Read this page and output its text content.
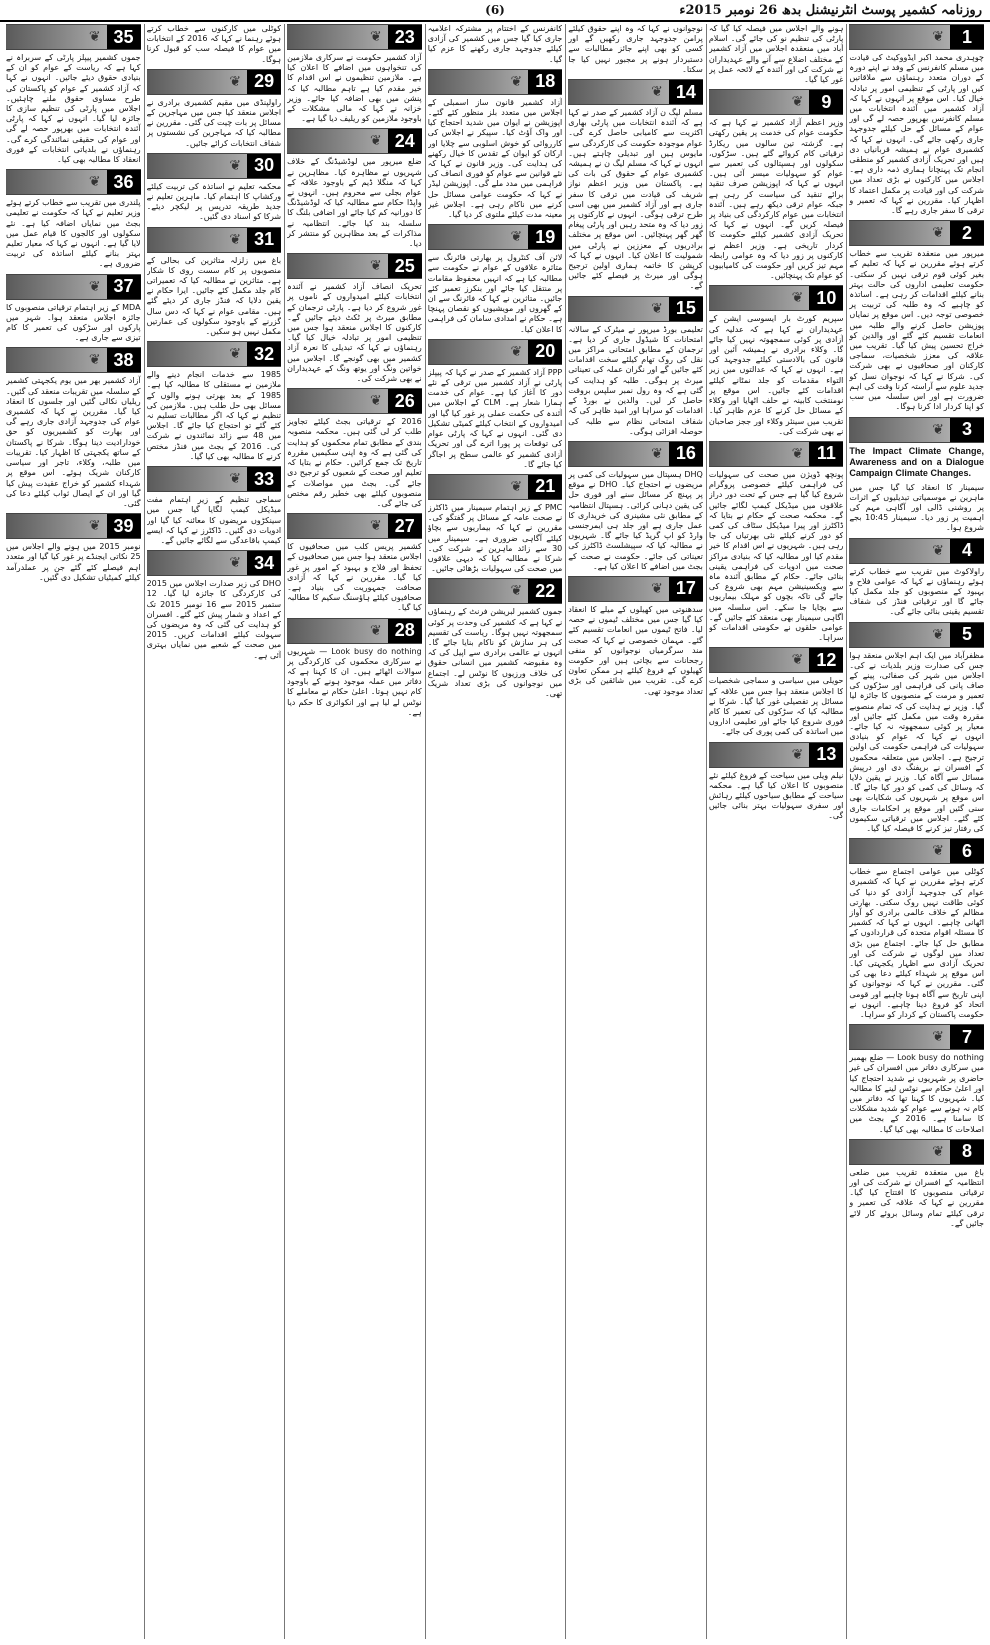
(6)	روزنامہ کشمیر پوسٹ انٹرنیشنل بدھ 26 نومبر 2015ء
1
❦
چوہدری محمد اکبر ایڈووکیٹ کی قیادت میں مسلم کانفرنس کے وفد نے اپنے دورہ کے دوران متعدد رہنماؤں سے ملاقاتیں کیں اور پارٹی کے تنظیمی امور پر تبادلہ خیال کیا۔ اس موقع پر انہوں نے کہا کہ آزاد کشمیر میں آئندہ انتخابات میں مسلم کانفرنس بھرپور حصہ لے گی اور عوام کے مسائل کے حل کیلئے جدوجہد جاری رکھی جائے گی۔ انہوں نے کہا کہ کشمیری عوام نے ہمیشہ قربانیاں دی ہیں اور تحریک آزادی کشمیر کو منطقی انجام تک پہنچانا ہماری ذمہ داری ہے۔ اجلاس میں کارکنوں نے بڑی تعداد میں شرکت کی اور قیادت پر مکمل اعتماد کا اظہار کیا۔ مقررین نے کہا کہ تعمیر و ترقی کا سفر جاری رہے گا۔
2
❦
میرپور میں منعقدہ تقریب سے خطاب کرتے ہوئے مقررین نے کہا کہ تعلیم کے بغیر کوئی قوم ترقی نہیں کر سکتی۔ حکومت تعلیمی اداروں کی حالت بہتر بنانے کیلئے اقدامات کر رہی ہے۔ اساتذہ کو چاہیے کہ وہ طلبہ کی تربیت پر خصوصی توجہ دیں۔ اس موقع پر نمایاں پوزیشن حاصل کرنے والے طلبہ میں انعامات تقسیم کئے گئے اور والدین کو خراج تحسین پیش کیا گیا۔ تقریب میں علاقہ کی معزز شخصیات، سماجی کارکنان اور صحافیوں نے بھی شرکت کی۔ شرکا نے کہا کہ نوجوان نسل کو جدید علوم سے آراستہ کرنا وقت کی اہم ضرورت ہے اور اس سلسلہ میں سب کو اپنا کردار ادا کرنا ہوگا۔
3
❦
The Impact Climate Change, Awareness and on a Dialogue Campaign Climate Changes.
سیمینار کا انعقاد کیا گیا جس میں ماہرین نے موسمیاتی تبدیلیوں کے اثرات پر روشنی ڈالی اور آگاہی مہم کی اہمیت پر زور دیا۔ سیمینار 10:45 بجے شروع ہوا۔
4
❦
راولاکوٹ میں تقریب سے خطاب کرتے ہوئے رہنماؤں نے کہا کہ عوامی فلاح و بہبود کے منصوبوں کو جلد مکمل کیا جائے گا اور ترقیاتی فنڈز کی شفاف تقسیم یقینی بنائی جائے گی۔
5
❦
مظفرآباد میں ایک اہم اجلاس منعقد ہوا جس کی صدارت وزیر بلدیات نے کی۔ اجلاس میں شہر کی صفائی، پینے کے صاف پانی کی فراہمی اور سڑکوں کی تعمیر و مرمت کے منصوبوں کا جائزہ لیا گیا۔ وزیر نے ہدایت کی کہ تمام منصوبے مقررہ وقت میں مکمل کئے جائیں اور معیار پر کوئی سمجھوتہ نہ کیا جائے۔ انہوں نے کہا کہ عوام کو بنیادی سہولیات کی فراہمی حکومت کی اولین ترجیح ہے۔ اجلاس میں متعلقہ محکموں کے افسران نے بریفنگ دی اور درپیش مسائل سے آگاہ کیا۔ وزیر نے یقین دلایا کہ وسائل کی کمی کو دور کیا جائے گا۔ اس موقع پر شہریوں کی شکایات بھی سنی گئیں اور موقع پر احکامات جاری کئے گئے۔ اجلاس میں ترقیاتی سکیموں کی رفتار تیز کرنے کا فیصلہ کیا گیا۔
6
❦
کوٹلی میں عوامی اجتماع سے خطاب کرتے ہوئے مقررین نے کہا کہ کشمیری عوام کی جدوجہد آزادی کو دنیا کی کوئی طاقت نہیں روک سکتی۔ بھارتی مظالم کے خلاف عالمی برادری کو آواز اٹھانی چاہیے۔ انہوں نے کہا کہ کشمیر کا مسئلہ اقوام متحدہ کی قراردادوں کے مطابق حل کیا جائے۔ اجتماع میں بڑی تعداد میں لوگوں نے شرکت کی اور تحریک آزادی سے اظہار یکجہتی کیا۔ اس موقع پر شہداء کیلئے دعا بھی کی گئی۔ مقررین نے کہا کہ نوجوانوں کو اپنی تاریخ سے آگاہ ہونا چاہیے اور قومی اتحاد کو فروغ دینا چاہیے۔ انہوں نے حکومت پاکستان کے کردار کو سراہا۔
7
❦
Look busy do nothing — ضلع بھمبر میں سرکاری دفاتر میں افسران کی غیر حاضری پر شہریوں نے شدید احتجاج کیا اور اعلیٰ حکام سے نوٹس لینے کا مطالبہ کیا۔ شہریوں کا کہنا تھا کہ دفاتر میں کام نہ ہونے سے عوام کو شدید مشکلات کا سامنا ہے۔ 2016 کے بجٹ میں اصلاحات کا مطالبہ بھی کیا گیا۔
8
❦
باغ میں منعقدہ تقریب میں ضلعی انتظامیہ کے افسران نے شرکت کی اور ترقیاتی منصوبوں کا افتتاح کیا گیا۔ مقررین نے کہا کہ علاقہ کی تعمیر و ترقی کیلئے تمام وسائل بروئے کار لائے جائیں گے۔
ہونے والے اجلاس میں فیصلہ کیا گیا کہ پارٹی کی تنظیم نو کی جائے گی۔ اسلام آباد میں منعقدہ اجلاس میں آزاد کشمیر کے مختلف اضلاع سے آنے والے عہدیداران نے شرکت کی اور آئندہ کے لائحہ عمل پر غور کیا گیا۔
9
❦
وزیر اعظم آزاد کشمیر نے کہا ہے کہ حکومت عوام کی خدمت پر یقین رکھتی ہے۔ گزشتہ تین سالوں میں ریکارڈ ترقیاتی کام کروائے گئے ہیں۔ سڑکوں، سکولوں اور ہسپتالوں کی تعمیر سے عوام کو سہولیات میسر آئی ہیں۔ انہوں نے کہا کہ اپوزیشن صرف تنقید برائے تنقید کی سیاست کر رہی ہے جبکہ عوام ترقی دیکھ رہے ہیں۔ آئندہ انتخابات میں عوام کارکردگی کی بنیاد پر فیصلہ کریں گے۔ انہوں نے کہا کہ تحریک آزادی کشمیر کیلئے حکومت کا کردار تاریخی ہے۔ وزیر اعظم نے کارکنوں پر زور دیا کہ وہ عوامی رابطہ مہم تیز کریں اور حکومت کی کامیابیوں کو عوام تک پہنچائیں۔
10
❦
سپریم کورٹ بار ایسوسی ایشن کے عہدیداران نے کہا ہے کہ عدلیہ کی آزادی پر کوئی سمجھوتہ نہیں کیا جائے گا۔ وکلاء برادری نے ہمیشہ آئین اور قانون کی بالادستی کیلئے جدوجہد کی ہے۔ انہوں نے کہا کہ عدالتوں میں زیر التواء مقدمات کو جلد نمٹانے کیلئے اقدامات کئے جائیں۔ اس موقع پر نومنتخب کابینہ نے حلف اٹھایا اور وکلاء کے مسائل حل کرنے کا عزم ظاہر کیا۔ تقریب میں سینئر وکلاء اور ججز صاحبان نے بھی شرکت کی۔
11
❦
پونچھ ڈویژن میں صحت کی سہولیات کی فراہمی کیلئے خصوصی پروگرام شروع کیا گیا ہے جس کے تحت دور دراز علاقوں میں میڈیکل کیمپ لگائے جائیں گے۔ محکمہ صحت کے حکام نے بتایا کہ ڈاکٹرز اور پیرا میڈیکل سٹاف کی کمی کو دور کرنے کیلئے نئی بھرتیاں کی جا رہی ہیں۔ شہریوں نے اس اقدام کا خیر مقدم کیا اور مطالبہ کیا کہ بنیادی مراکز صحت میں ادویات کی فراہمی یقینی بنائی جائے۔ حکام کے مطابق آئندہ ماہ سے ویکسینیشن مہم بھی شروع کی جائے گی تاکہ بچوں کو مہلک بیماریوں سے بچایا جا سکے۔ اس سلسلہ میں آگاہی سیمینار بھی منعقد کئے جائیں گے۔ عوامی حلقوں نے حکومتی اقدامات کو سراہا۔
12
❦
حویلی میں سیاسی و سماجی شخصیات کا اجلاس منعقد ہوا جس میں علاقہ کے مسائل پر تفصیلی غور کیا گیا۔ شرکا نے مطالبہ کیا کہ سڑکوں کی تعمیر کا کام فوری شروع کیا جائے اور تعلیمی اداروں میں اساتذہ کی کمی پوری کی جائے۔
13
❦
نیلم ویلی میں سیاحت کے فروغ کیلئے نئے منصوبوں کا اعلان کیا گیا ہے۔ محکمہ سیاحت کے مطابق سیاحوں کیلئے رہائش اور سفری سہولیات بہتر بنائی جائیں گی۔
نوجوانوں نے کہا کہ وہ اپنے حقوق کیلئے پرامن جدوجہد جاری رکھیں گے اور کسی کو بھی اپنے جائز مطالبات سے دستبردار ہونے پر مجبور نہیں کیا جا سکتا۔
14
❦
مسلم لیگ ن آزاد کشمیر کے صدر نے کہا ہے کہ آئندہ انتخابات میں پارٹی بھاری اکثریت سے کامیابی حاصل کرے گی۔ عوام موجودہ حکومت کی کارکردگی سے مایوس ہیں اور تبدیلی چاہتے ہیں۔ انہوں نے کہا کہ مسلم لیگ ن نے ہمیشہ کشمیری عوام کے حقوق کی بات کی ہے۔ پاکستان میں وزیر اعظم نواز شریف کی قیادت میں ترقی کا سفر جاری ہے اور آزاد کشمیر میں بھی اسی طرح ترقی ہوگی۔ انہوں نے کارکنوں پر زور دیا کہ وہ متحد رہیں اور پارٹی پیغام گھر گھر پہنچائیں۔ اس موقع پر مختلف برادریوں کے معززین نے پارٹی میں شمولیت کا اعلان کیا۔ انہوں نے کہا کہ کرپشن کا خاتمہ ہماری اولین ترجیح ہوگی اور میرٹ پر فیصلے کئے جائیں گے۔
15
❦
تعلیمی بورڈ میرپور نے میٹرک کے سالانہ امتحانات کا شیڈول جاری کر دیا ہے۔ ترجمان کے مطابق امتحانی مراکز میں نقل کی روک تھام کیلئے سخت اقدامات کئے جائیں گے اور نگران عملہ کی تعیناتی میرٹ پر ہوگی۔ طلبہ کو ہدایت کی گئی ہے کہ وہ رول نمبر سلپس بروقت حاصل کر لیں۔ والدین نے بورڈ کے اقدامات کو سراہا اور امید ظاہر کی کہ شفاف امتحانی نظام سے طلبہ کی حوصلہ افزائی ہوگی۔
16
❦
DHQ ہسپتال میں سہولیات کی کمی پر مریضوں نے احتجاج کیا۔ DHO نے موقع پر پہنچ کر مسائل سنے اور فوری حل کی یقین دہانی کرائی۔ ہسپتال انتظامیہ کے مطابق نئی مشینری کی خریداری کا عمل جاری ہے اور جلد ہی ایمرجنسی وارڈ کو اپ گریڈ کیا جائے گا۔ شہریوں نے مطالبہ کیا کہ سپیشلسٹ ڈاکٹرز کی تعیناتی کی جائے۔ حکومت نے صحت کے بجٹ میں اضافے کا اعلان کیا ہے۔
17
❦
سدھنوتی میں کھیلوں کے میلے کا انعقاد کیا گیا جس میں مختلف ٹیموں نے حصہ لیا۔ فاتح ٹیموں میں انعامات تقسیم کئے گئے۔ مہمان خصوصی نے کہا کہ صحت مند سرگرمیاں نوجوانوں کو منفی رجحانات سے بچاتی ہیں اور حکومت کھیلوں کے فروغ کیلئے ہر ممکن تعاون کرے گی۔ تقریب میں شائقین کی بڑی تعداد موجود تھی۔
کانفرنس کے اختتام پر مشترکہ اعلامیہ جاری کیا گیا جس میں کشمیر کی آزادی کیلئے جدوجہد جاری رکھنے کا عزم کیا گیا۔
18
❦
آزاد کشمیر قانون ساز اسمبلی کے اجلاس میں متعدد بلز منظور کئے گئے۔ اپوزیشن نے ایوان میں شدید احتجاج کیا اور واک آؤٹ کیا۔ سپیکر نے اجلاس کی کارروائی کو خوش اسلوبی سے چلایا اور ارکان کو ایوان کے تقدس کا خیال رکھنے کی ہدایت کی۔ وزیر قانون نے کہا کہ نئے قوانین سے عوام کو فوری انصاف کی فراہمی میں مدد ملے گی۔ اپوزیشن لیڈر نے کہا کہ حکومت عوامی مسائل حل کرنے میں ناکام رہی ہے۔ اجلاس غیر معینہ مدت کیلئے ملتوی کر دیا گیا۔
19
❦
لائن آف کنٹرول پر بھارتی فائرنگ سے متاثرہ علاقوں کے عوام نے حکومت سے مطالبہ کیا ہے کہ انہیں محفوظ مقامات پر منتقل کیا جائے اور بنکرز تعمیر کئے جائیں۔ متاثرین نے کہا کہ فائرنگ سے ان کے گھروں اور مویشیوں کو نقصان پہنچا ہے۔ حکام نے امدادی سامان کی فراہمی کا اعلان کیا۔
20
❦
PPP آزاد کشمیر کے صدر نے کہا کہ پیپلز پارٹی نے آزاد کشمیر میں ترقی کے نئے دور کا آغاز کیا ہے۔ عوام کی خدمت ہمارا شعار ہے۔ CLM کے اجلاس میں آئندہ کی حکمت عملی پر غور کیا گیا اور امیدواروں کے انتخاب کیلئے کمیٹی تشکیل دی گئی۔ انہوں نے کہا کہ پارٹی عوام کی توقعات پر پورا اترے گی اور تحریک آزادی کشمیر کو عالمی سطح پر اجاگر کیا جائے گا۔
21
❦
PMC کے زیر اہتمام سیمینار میں ڈاکٹرز نے صحت عامہ کے مسائل پر گفتگو کی۔ مقررین نے کہا کہ بیماریوں سے بچاؤ کیلئے آگاہی ضروری ہے۔ سیمینار میں 30 سے زائد ماہرین نے شرکت کی۔ شرکا نے مطالبہ کیا کہ دیہی علاقوں میں صحت کی سہولیات بڑھائی جائیں۔
22
❦
جموں کشمیر لبریشن فرنٹ کے رہنماؤں نے کہا ہے کہ کشمیر کی وحدت پر کوئی سمجھوتہ نہیں ہوگا۔ ریاست کی تقسیم کی ہر سازش کو ناکام بنایا جائے گا۔ انہوں نے عالمی برادری سے اپیل کی کہ وہ مقبوضہ کشمیر میں انسانی حقوق کی خلاف ورزیوں کا نوٹس لے۔ اجتماع میں نوجوانوں کی بڑی تعداد شریک تھی۔
23
❦
آزاد کشمیر حکومت نے سرکاری ملازمین کی تنخواہوں میں اضافے کا اعلان کیا ہے۔ ملازمین تنظیموں نے اس اقدام کا خیر مقدم کیا ہے تاہم مطالبہ کیا کہ پنشن میں بھی اضافہ کیا جائے۔ وزیر خزانہ نے کہا کہ مالی مشکلات کے باوجود ملازمین کو ریلیف دیا گیا ہے۔
24
❦
ضلع میرپور میں لوڈشیڈنگ کے خلاف شہریوں نے مظاہرہ کیا۔ مظاہرین نے کہا کہ منگلا ڈیم کے باوجود علاقہ کے عوام بجلی سے محروم ہیں۔ انہوں نے واپڈا حکام سے مطالبہ کیا کہ لوڈشیڈنگ کا دورانیہ کم کیا جائے اور اضافی بلنگ کا سلسلہ بند کیا جائے۔ انتظامیہ نے مذاکرات کے بعد مظاہرین کو منتشر کر دیا۔
25
❦
تحریک انصاف آزاد کشمیر نے آئندہ انتخابات کیلئے امیدواروں کے ناموں پر غور شروع کر دیا ہے۔ پارٹی ترجمان کے مطابق میرٹ پر ٹکٹ دیئے جائیں گے۔ کارکنوں کا اجلاس منعقد ہوا جس میں تنظیمی امور پر تبادلہ خیال کیا گیا۔ رہنماؤں نے کہا کہ تبدیلی کا نعرہ آزاد کشمیر میں بھی گونجے گا۔ اجلاس میں خواتین ونگ اور یوتھ ونگ کے عہدیداران نے بھی شرکت کی۔
26
❦
2016 کے ترقیاتی بجٹ کیلئے تجاویز طلب کر لی گئی ہیں۔ محکمہ منصوبہ بندی کے مطابق تمام محکموں کو ہدایت کی گئی ہے کہ وہ اپنی سکیمیں مقررہ تاریخ تک جمع کرائیں۔ حکام نے بتایا کہ تعلیم اور صحت کے شعبوں کو ترجیح دی جائے گی۔ بجٹ میں مواصلات کے منصوبوں کیلئے بھی خطیر رقم مختص کی جائے گی۔
27
❦
کشمیر پریس کلب میں صحافیوں کا اجلاس منعقد ہوا جس میں صحافیوں کے تحفظ اور فلاح و بہبود کے امور پر غور کیا گیا۔ مقررین نے کہا کہ آزادی صحافت جمہوریت کی بنیاد ہے۔ صحافیوں کیلئے ہاؤسنگ سکیم کا مطالبہ کیا گیا۔
28
❦
Look busy do nothing — شہریوں نے سرکاری محکموں کی کارکردگی پر سوالات اٹھائے ہیں۔ ان کا کہنا ہے کہ دفاتر میں عملہ موجود ہونے کے باوجود کام نہیں ہوتا۔ اعلیٰ حکام نے معاملے کا نوٹس لے لیا ہے اور انکوائری کا حکم دیا ہے۔
کوٹلی میں کارکنوں سے خطاب کرتے ہوئے رہنما نے کہا کہ 2016 کے انتخابات میں عوام کا فیصلہ سب کو قبول کرنا ہوگا۔
29
❦
راولپنڈی میں مقیم کشمیری برادری نے اجلاس منعقد کیا جس میں مہاجرین کے مسائل پر بات چیت کی گئی۔ مقررین نے مطالبہ کیا کہ مہاجرین کی نشستوں پر شفاف انتخابات کرائے جائیں۔
30
❦
محکمہ تعلیم نے اساتذہ کی تربیت کیلئے ورکشاپ کا اہتمام کیا۔ ماہرین تعلیم نے جدید طریقہ تدریس پر لیکچر دیئے۔ شرکا کو اسناد دی گئیں۔
31
❦
باغ میں زلزلہ متاثرین کی بحالی کے منصوبوں پر کام سست روی کا شکار ہے۔ متاثرین نے مطالبہ کیا کہ تعمیراتی کام جلد مکمل کئے جائیں۔ ایرا حکام نے یقین دلایا کہ فنڈز جاری کر دیئے گئے ہیں۔ مقامی عوام نے کہا کہ دس سال گزرنے کے باوجود سکولوں کی عمارتیں مکمل نہیں ہو سکیں۔
32
❦
1985 سے خدمات انجام دینے والے ملازمین نے مستقلی کا مطالبہ کیا ہے۔ 1985 کے بعد بھرتی ہونے والوں کے مسائل بھی حل طلب ہیں۔ ملازمین کی تنظیم نے کہا کہ اگر مطالبات تسلیم نہ کئے گئے تو احتجاج کیا جائے گا۔ اجلاس میں 48 سے زائد نمائندوں نے شرکت کی۔ 2016 کے بجٹ میں فنڈز مختص کرنے کا مطالبہ بھی کیا گیا۔
33
❦
سماجی تنظیم کے زیر اہتمام مفت میڈیکل کیمپ لگایا گیا جس میں سینکڑوں مریضوں کا معائنہ کیا گیا اور ادویات دی گئیں۔ ڈاکٹرز نے کہا کہ ایسے کیمپ باقاعدگی سے لگائے جائیں گے۔
34
❦
DHO کی زیر صدارت اجلاس میں 2015 کی کارکردگی کا جائزہ لیا گیا۔ 12 ستمبر 2015 سے 16 نومبر 2015 تک کے اعداد و شمار پیش کئے گئے۔ افسران کو ہدایت کی گئی کہ وہ مریضوں کی سہولت کیلئے اقدامات کریں۔ 2015 میں صحت کے شعبے میں نمایاں بہتری آئی ہے۔
35
❦
جموں کشمیر پیپلز پارٹی کے سربراہ نے کہا ہے کہ ریاست کے عوام کو ان کے بنیادی حقوق دیئے جائیں۔ انہوں نے کہا کہ آزاد کشمیر کے عوام کو پاکستان کی طرح مساوی حقوق ملنے چاہئیں۔ اجلاس میں پارٹی کی تنظیم سازی کا جائزہ لیا گیا۔ انہوں نے کہا کہ پارٹی آئندہ انتخابات میں بھرپور حصہ لے گی اور عوام کی حقیقی نمائندگی کرے گی۔ رہنماؤں نے بلدیاتی انتخابات کے فوری انعقاد کا مطالبہ بھی کیا۔
36
❦
پلندری میں تقریب سے خطاب کرتے ہوئے وزیر تعلیم نے کہا کہ حکومت نے تعلیمی بجٹ میں نمایاں اضافہ کیا ہے۔ نئے سکولوں اور کالجوں کا قیام عمل میں لایا گیا ہے۔ انہوں نے کہا کہ معیار تعلیم بہتر بنانے کیلئے اساتذہ کی تربیت ضروری ہے۔
37
❦
MDA کے زیر اہتمام ترقیاتی منصوبوں کا جائزہ اجلاس منعقد ہوا۔ شہر میں پارکوں اور سڑکوں کی تعمیر کا کام تیزی سے جاری ہے۔
38
❦
آزاد کشمیر بھر میں یوم یکجہتی کشمیر کے سلسلہ میں تقریبات منعقد کی گئیں۔ ریلیاں نکالی گئیں اور جلسوں کا انعقاد کیا گیا۔ مقررین نے کہا کہ کشمیری عوام کی جدوجہد آزادی جاری رہے گی اور بھارت کو کشمیریوں کو حق خودارادیت دینا ہوگا۔ شرکا نے پاکستان کے ساتھ یکجہتی کا اظہار کیا۔ تقریبات میں طلبہ، وکلاء، تاجر اور سیاسی کارکنان شریک ہوئے۔ اس موقع پر شہداء کشمیر کو خراج عقیدت پیش کیا گیا اور ان کے ایصال ثواب کیلئے دعا کی گئی۔
39
❦
نومبر 2015 میں ہونے والے اجلاس میں 25 نکاتی ایجنڈے پر غور کیا گیا اور متعدد اہم فیصلے کئے گئے جن پر عملدرآمد کیلئے کمیٹیاں تشکیل دی گئیں۔
